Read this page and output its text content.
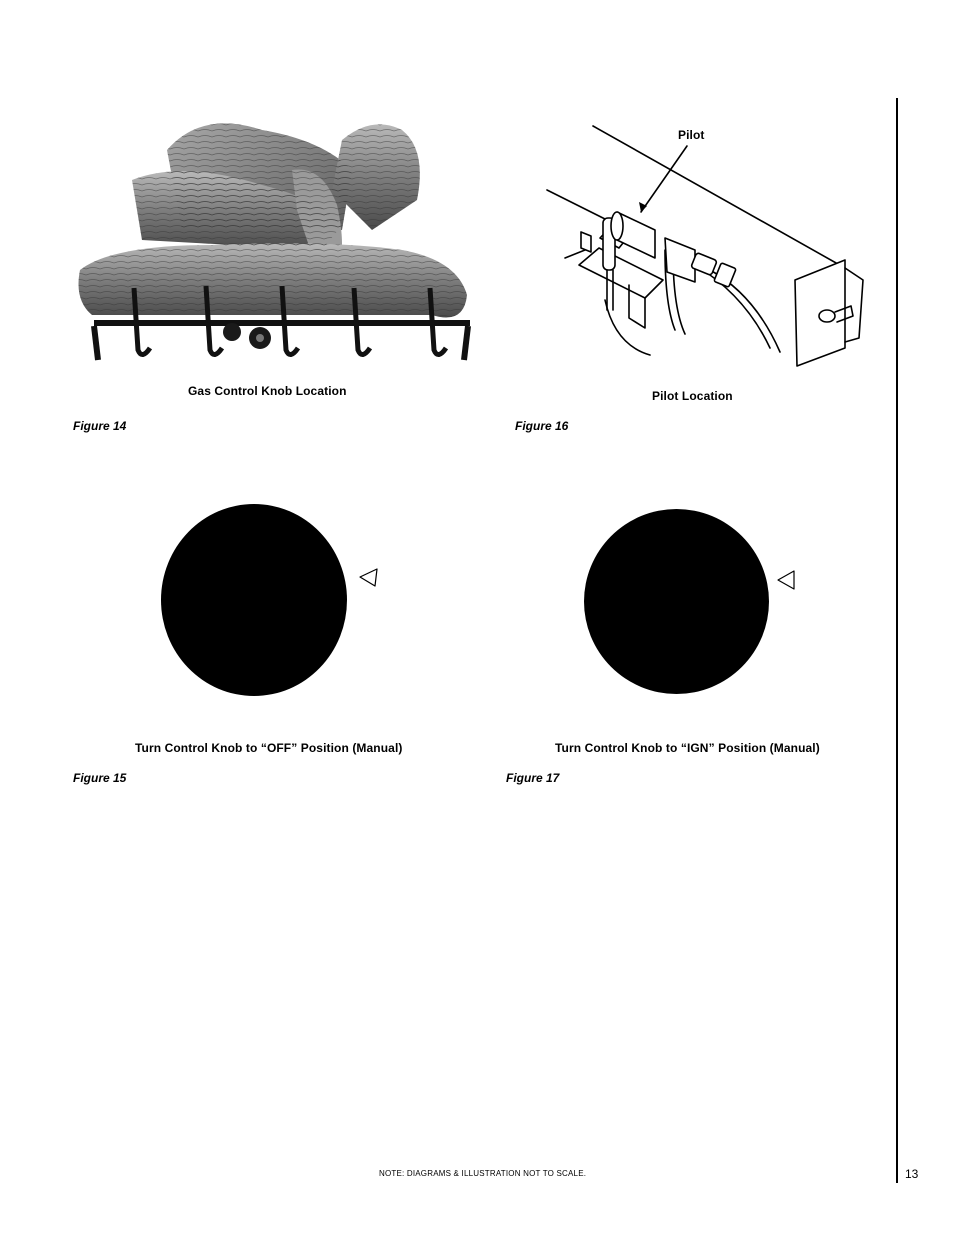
Gas Control Knob Location
Figure 14
Pilot
Pilot Location
Figure 16
Turn Control Knob to “OFF” Position (Manual)
Figure 15
Turn Control Knob to “IGN” Position (Manual)
Figure 17
NOTE: DIAGRAMS & ILLUSTRATION NOT TO SCALE.	13
